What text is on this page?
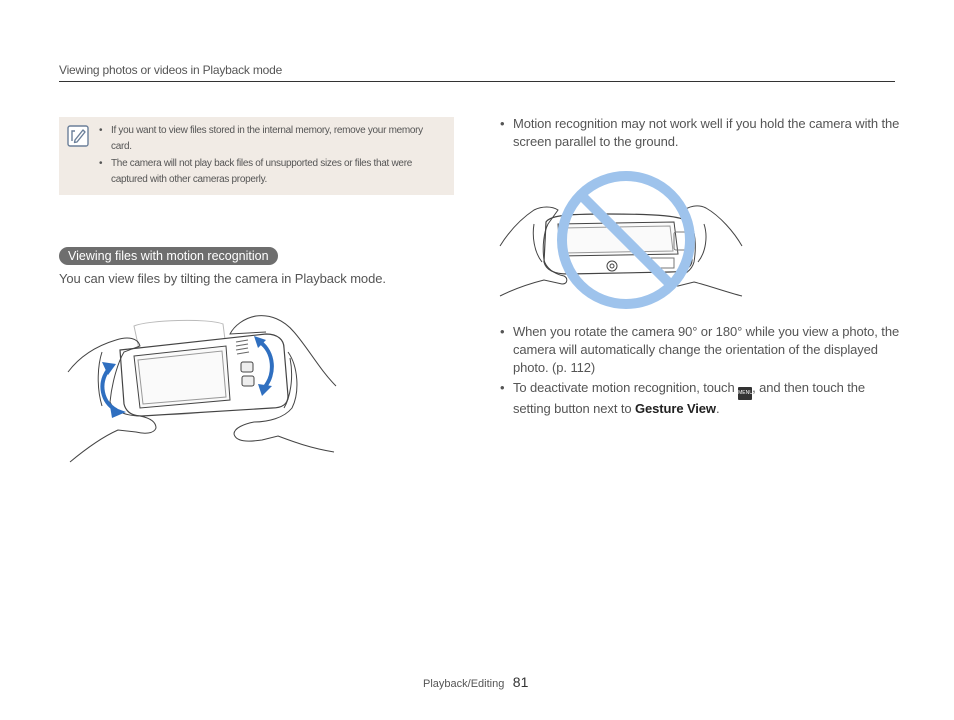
Viewing photos or videos in Playback mode
• If you want to view files stored in the internal memory, remove your memory card.
• The camera will not play back files of unsupported sizes or files that were captured with other cameras properly.
Viewing files with motion recognition
You can view files by tilting the camera in Playback mode.
• Motion recognition may not work well if you hold the camera with the screen parallel to the ground.
• When you rotate the camera 90° or 180° while you view a photo, the camera will automatically change the orientation of the displayed photo. (p. 112)
• To deactivate motion recognition, touch MENU, and then touch the setting button next to Gesture View.
Playback/Editing 81
